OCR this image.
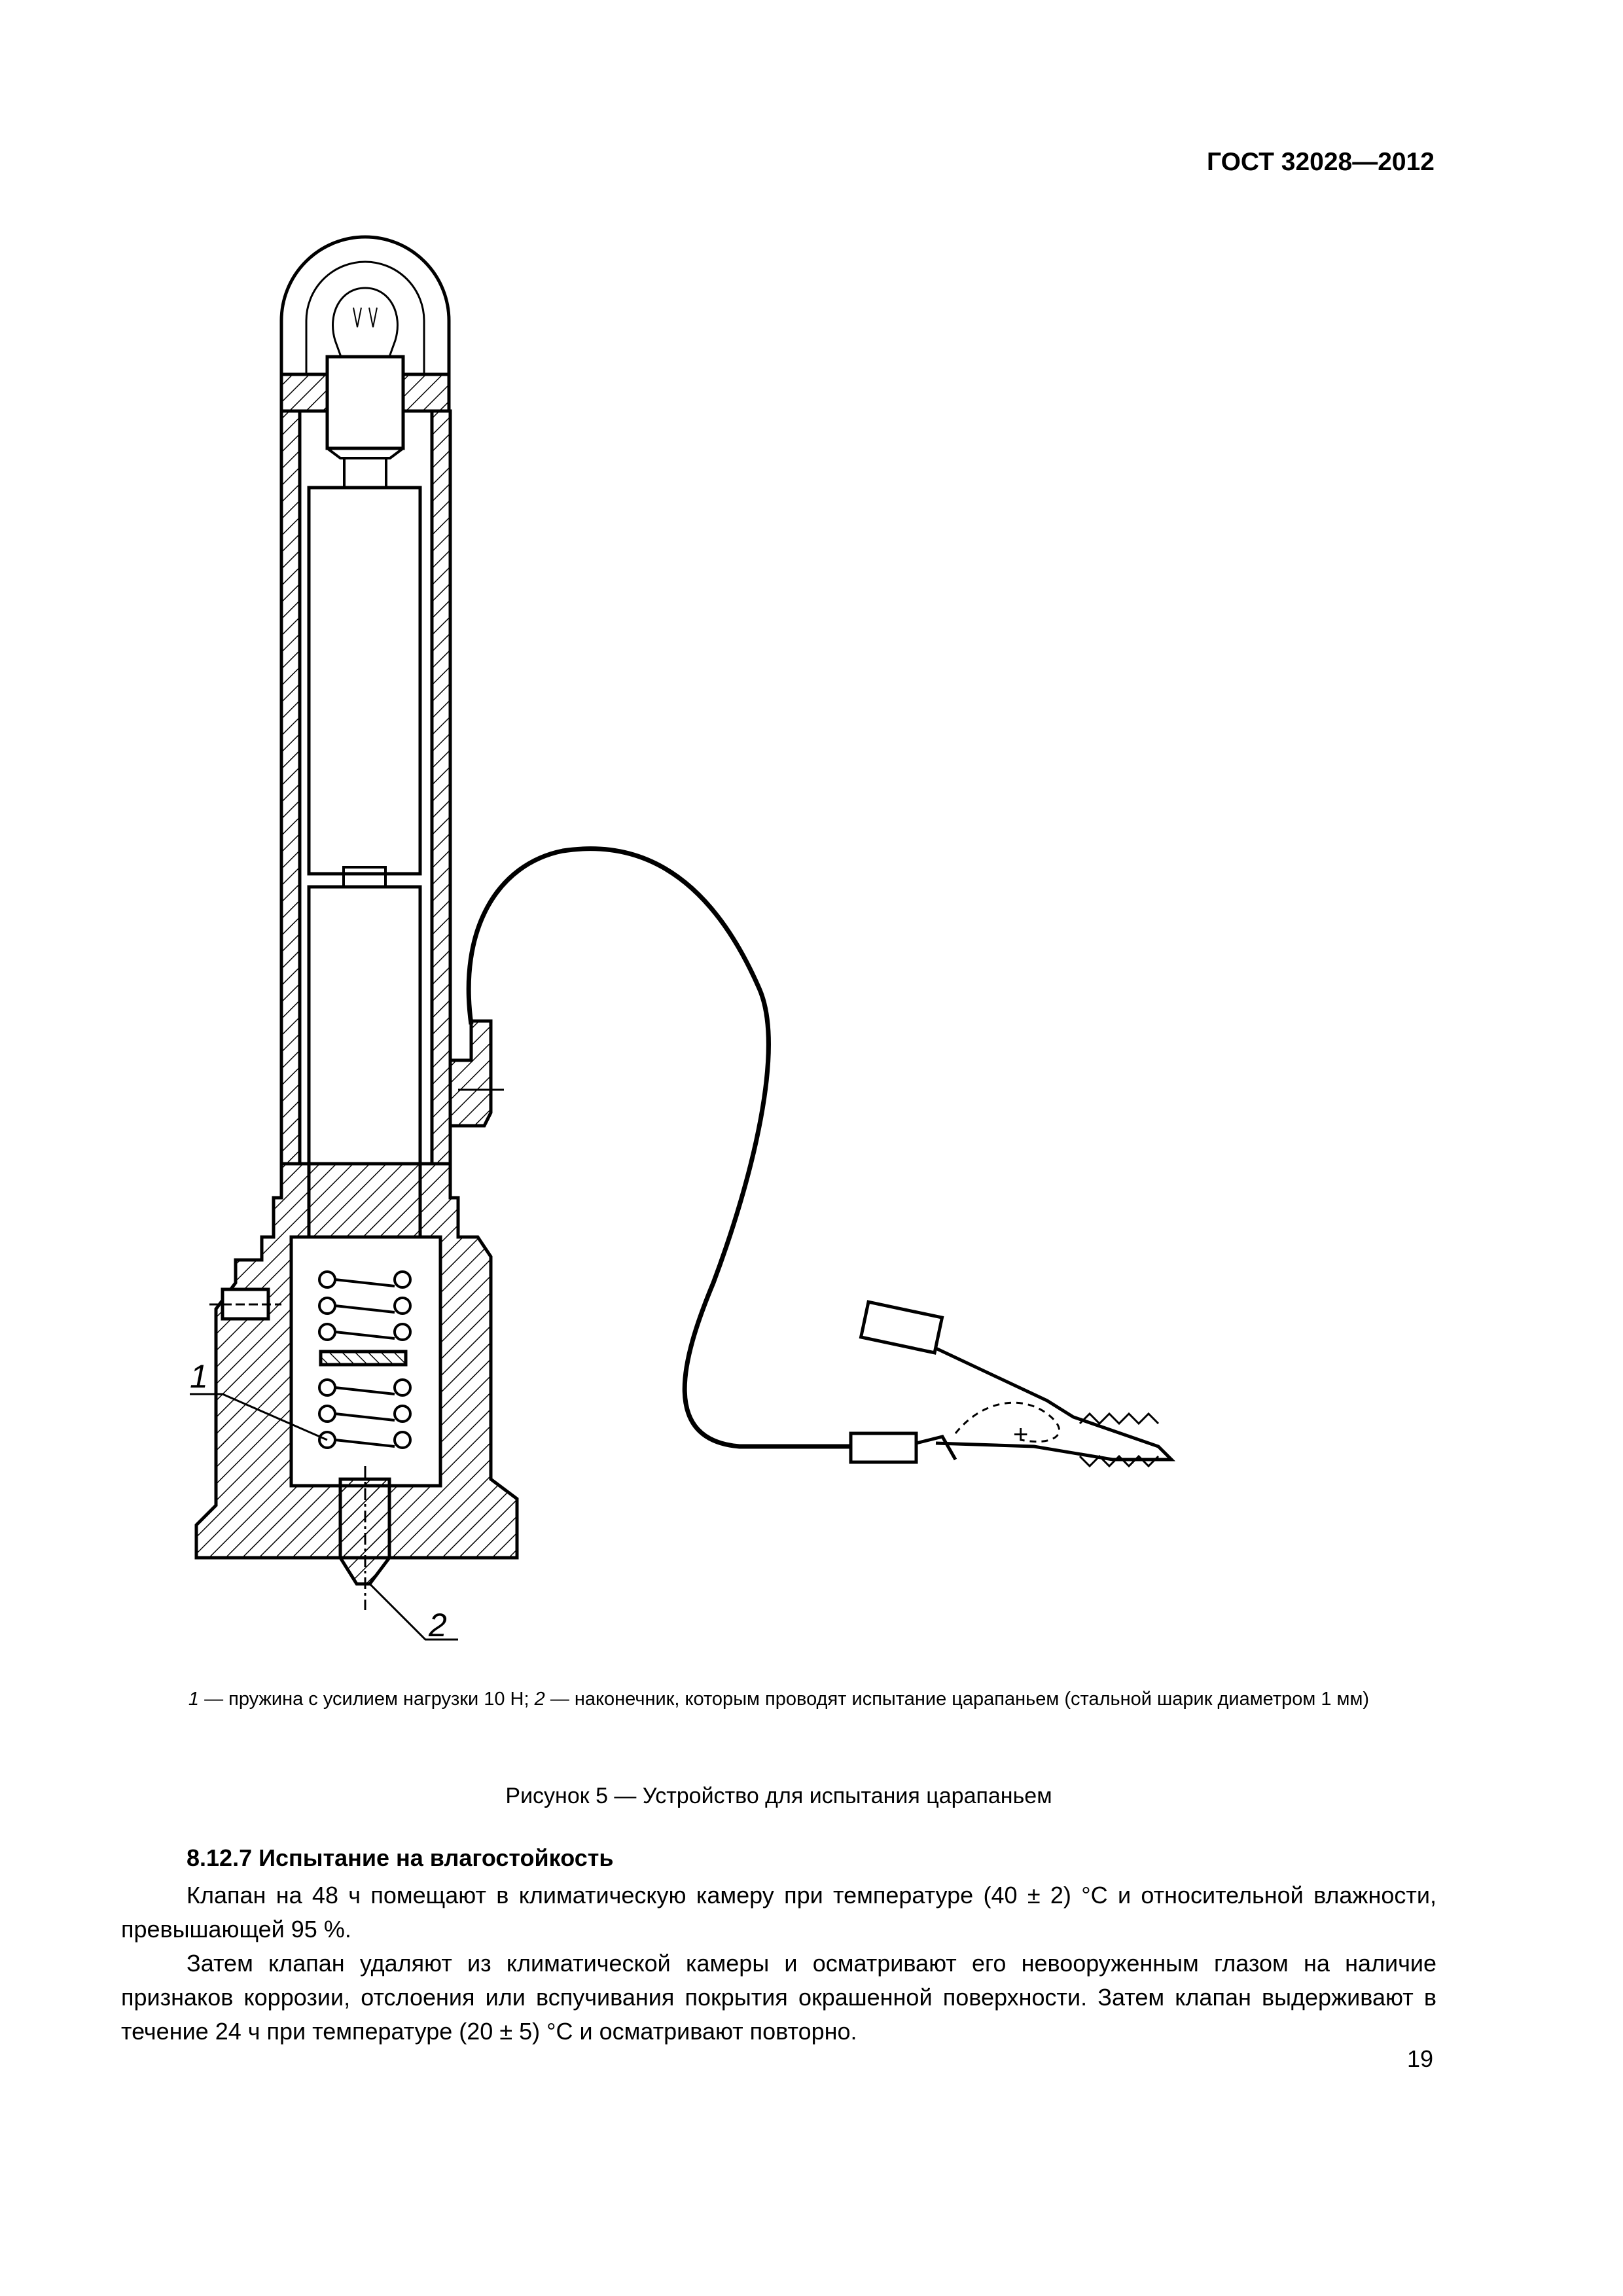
ГОСТ 32028—2012
1
2
+
1 — пружина с усилием нагрузки 10 Н; 2 — наконечник, которым проводят испытание царапаньем (стальной шарик диаметром 1 мм)
Рисунок 5 — Устройство для испытания царапаньем
8.12.7 Испытание на влагостойкость
Клапан на 48 ч помещают в климатическую камеру при температуре (40 ± 2) °С и относительной влажности, превышающей 95 %.
Затем клапан удаляют из климатической камеры и осматривают его невооруженным глазом на наличие признаков коррозии, отслоения или вспучивания покрытия окрашенной поверхности. Затем клапан выдерживают в течение 24 ч при температуре (20 ± 5) °С и осматривают повторно.
19
